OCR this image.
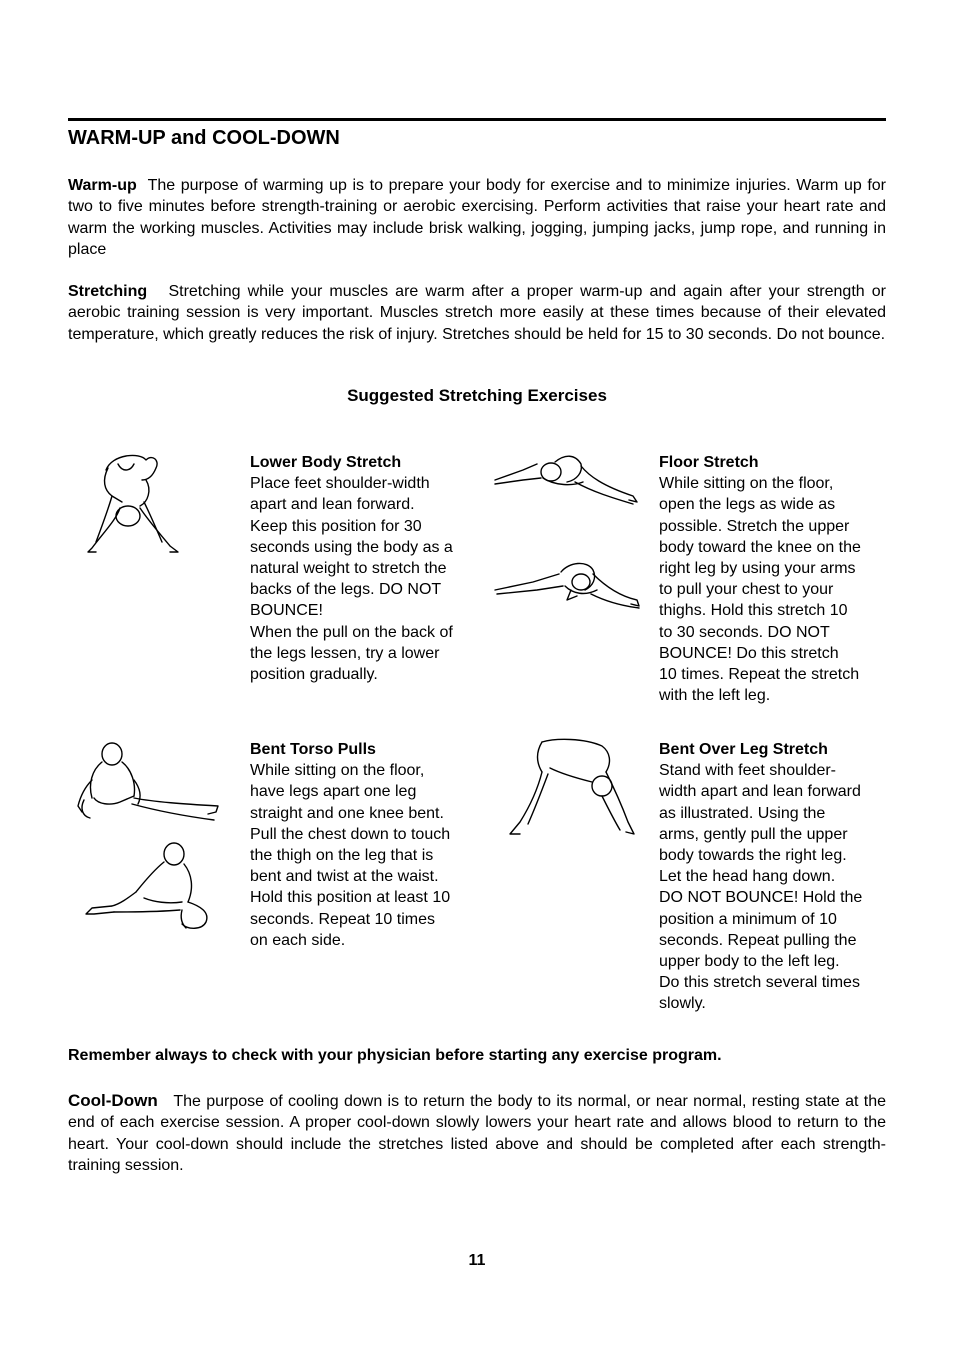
WARM-UP and COOL-DOWN

Warm-up The purpose of warming up is to prepare your body for exercise and to minimize injuries. Warm up for two to five minutes before strength-training or aerobic exercising. Perform activities that raise your heart rate and warm the working muscles. Activities may include brisk walking, jogging, jumping jacks, jump rope, and running in place

Stretching Stretching while your muscles are warm after a proper warm-up and again after your strength or aerobic training session is very important. Muscles stretch more easily at these times because of their elevated temperature, which greatly reduces the risk of injury. Stretches should be held for 15 to 30 seconds. Do not bounce.

Suggested Stretching Exercises
Lower Body Stretch
Place feet shoulder-width
apart and lean forward.
Keep this position for 30
seconds using the body as a
natural weight to stretch the
backs of the legs. DO NOT
BOUNCE!
When the pull on the back of
the legs lessen, try a lower
position gradually.
Floor Stretch
While sitting on the floor,
open the legs as wide as
possible. Stretch the upper
body toward the knee on the
right leg by using your arms
to pull your chest to your
thighs. Hold this stretch 10
to 30 seconds. DO NOT
BOUNCE! Do this stretch
10 times. Repeat the stretch
with the left leg.
Bent Torso Pulls
While sitting on the floor,
have legs apart one leg
straight and one knee bent.
Pull the chest down to touch
the thigh on the leg that is
bent and twist at the waist.
Hold this position at least 10
seconds. Repeat 10 times
on each side.
Bent Over Leg Stretch
Stand with feet shoulder-
width apart and lean forward
as illustrated. Using the
arms, gently pull the upper
body towards the right leg.
Let the head hang down.
DO NOT BOUNCE! Hold the
position a minimum of 10
seconds. Repeat pulling the
upper body to the left leg.
Do this stretch several times
slowly.

Remember always to check with your physician before starting any exercise program.

Cool-Down The purpose of cooling down is to return the body to its normal, or near normal, resting state at the end of each exercise session. A proper cool-down slowly lowers your heart rate and allows blood to return to the heart. Your cool-down should include the stretches listed above and should be completed after each strength-training session.

11
